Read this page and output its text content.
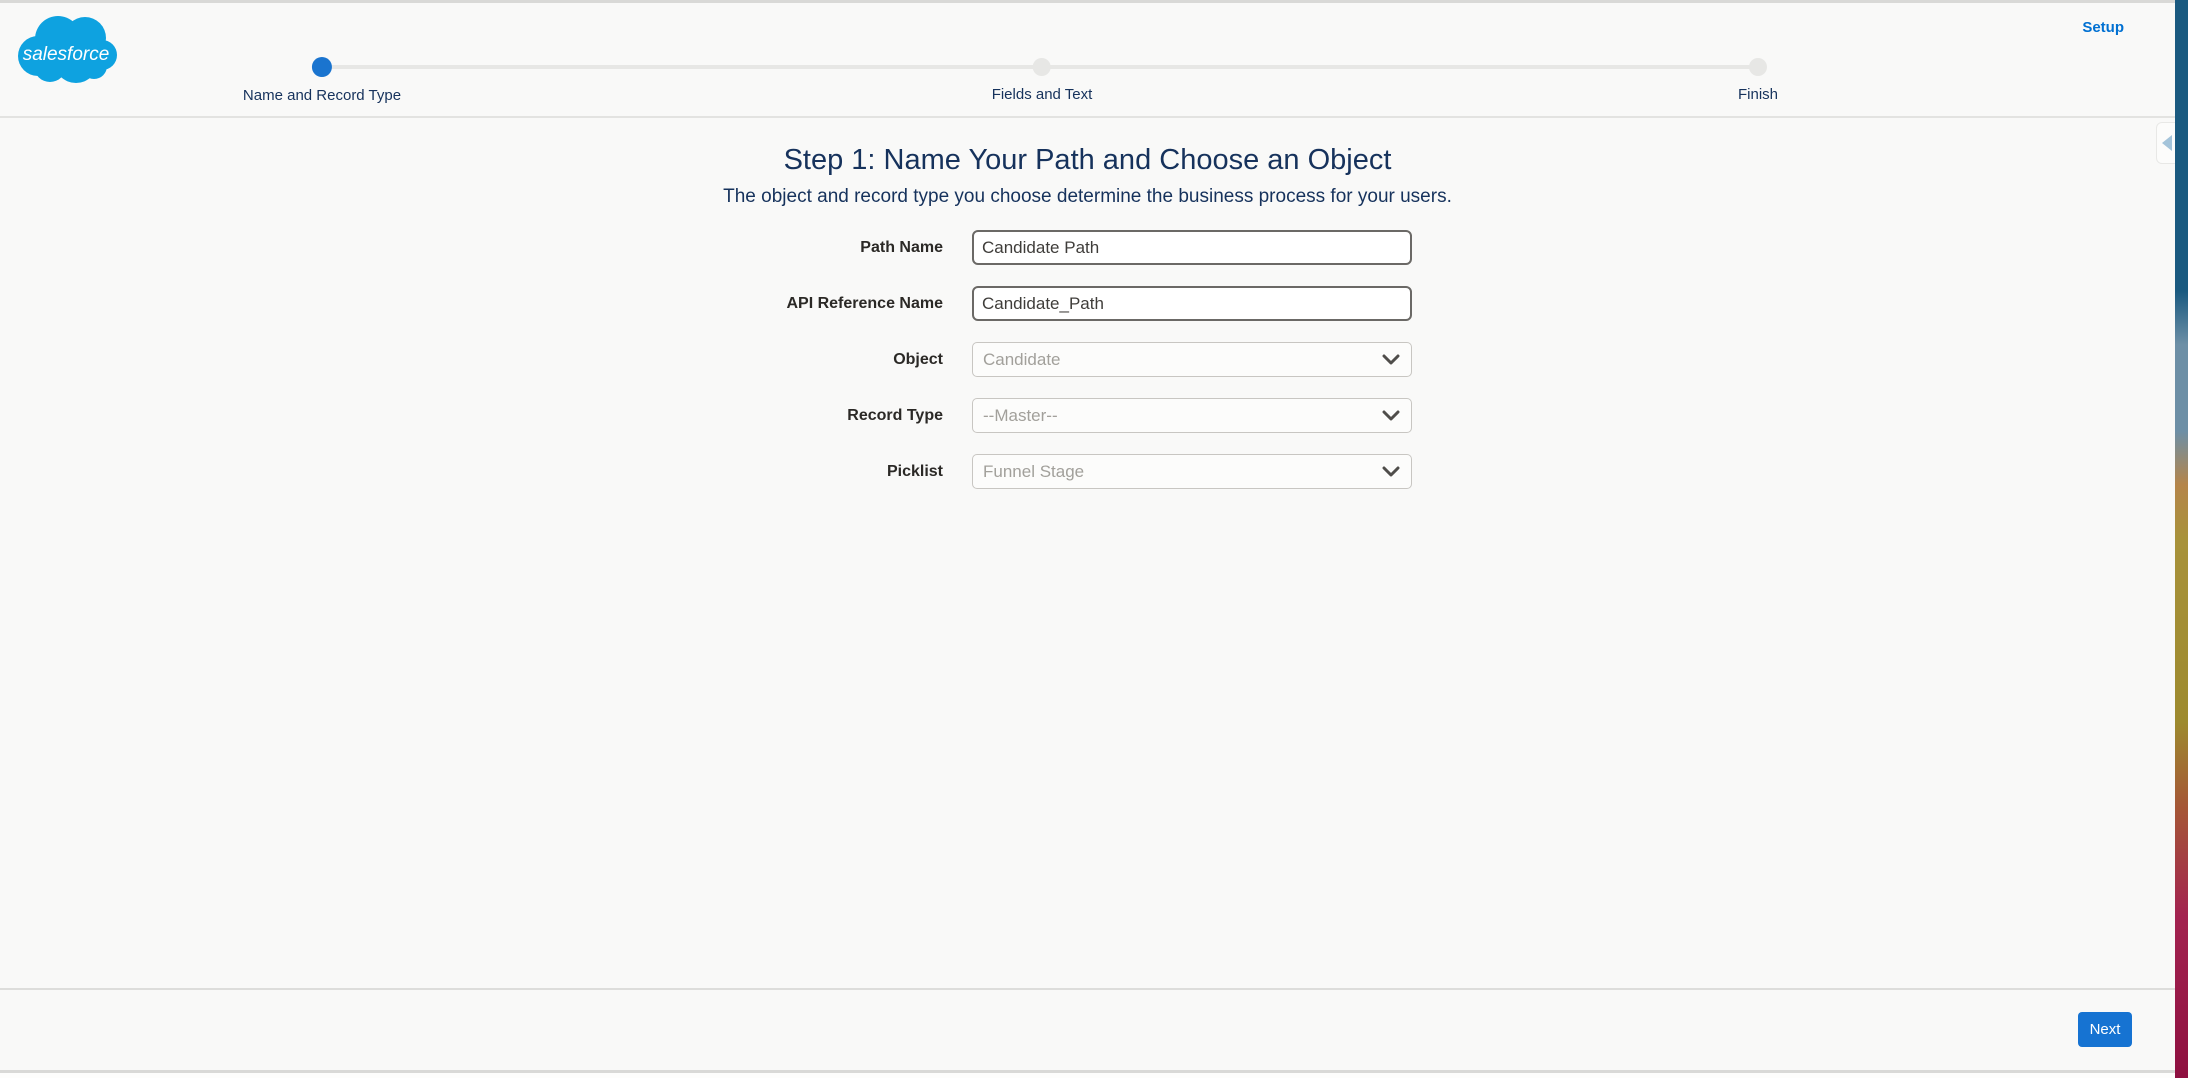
salesforce
Name and Record Type	Fields and Text	Finish
Setup
Step 1: Name Your Path and Choose an Object
The object and record type you choose determine the business process for your users.
Path Name
Candidate Path
API Reference Name
Candidate_Path
Object Candidate
Record Type --Master--
Picklist Funnel Stage
Next
